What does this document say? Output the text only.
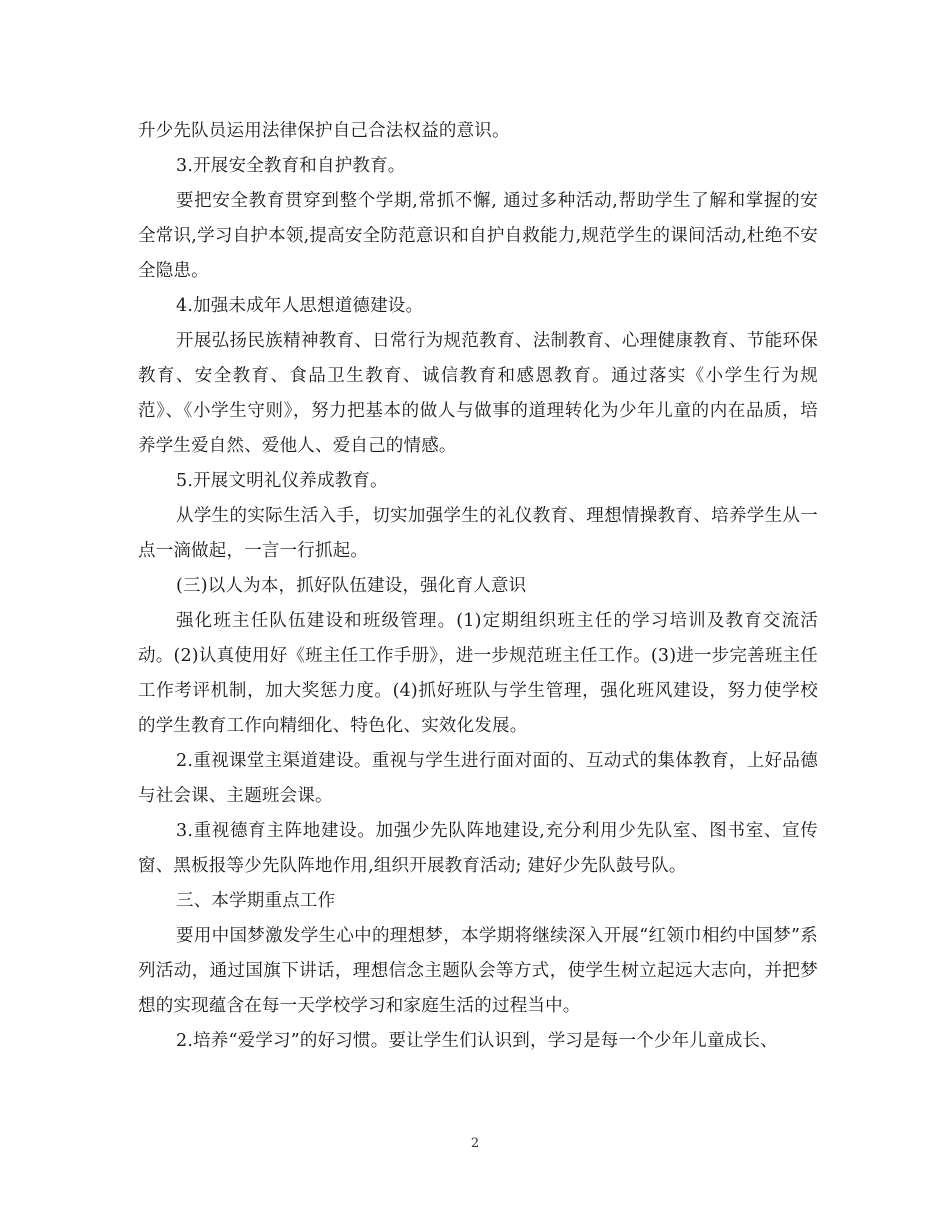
升少先队员运用法律保护自己合法权益的意识。

3.开展安全教育和自护教育。

要把安全教育贯穿到整个学期,常抓不懈, 通过多种活动,帮助学生了解和掌握的安全常识,学习自护本领,提高安全防范意识和自护自救能力,规范学生的课间活动,杜绝不安全隐患。

4.加强未成年人思想道德建设。

开展弘扬民族精神教育、日常行为规范教育、法制教育、心理健康教育、节能环保教育、安全教育、食品卫生教育、诚信教育和感恩教育。通过落实《小学生行为规范》、《小学生守则》，努力把基本的做人与做事的道理转化为少年儿童的内在品质，培养学生爱自然、爱他人、爱自己的情感。

5.开展文明礼仪养成教育。

从学生的实际生活入手，切实加强学生的礼仪教育、理想情操教育、培养学生从一点一滴做起，一言一行抓起。

(三)以人为本，抓好队伍建设，强化育人意识

强化班主任队伍建设和班级管理。(1)定期组织班主任的学习培训及教育交流活动。(2)认真使用好《班主任工作手册》，进一步规范班主任工作。(3)进一步完善班主任工作考评机制，加大奖惩力度。(4)抓好班队与学生管理，强化班风建设，努力使学校的学生教育工作向精细化、特色化、实效化发展。

2.重视课堂主渠道建设。重视与学生进行面对面的、互动式的集体教育，上好品德与社会课、主题班会课。

3.重视德育主阵地建设。加强少先队阵地建设,充分利用少先队室、图书室、宣传窗、黑板报等少先队阵地作用,组织开展教育活动; 建好少先队鼓号队。

三、本学期重点工作

要用中国梦激发学生心中的理想梦，本学期将继续深入开展“红领巾相约中国梦”系列活动，通过国旗下讲话，理想信念主题队会等方式，使学生树立起远大志向，并把梦想的实现蕴含在每一天学校学习和家庭生活的过程当中。

2.培养“爱学习”的好习惯。要让学生们认识到，学习是每一个少年儿童成长、

2
